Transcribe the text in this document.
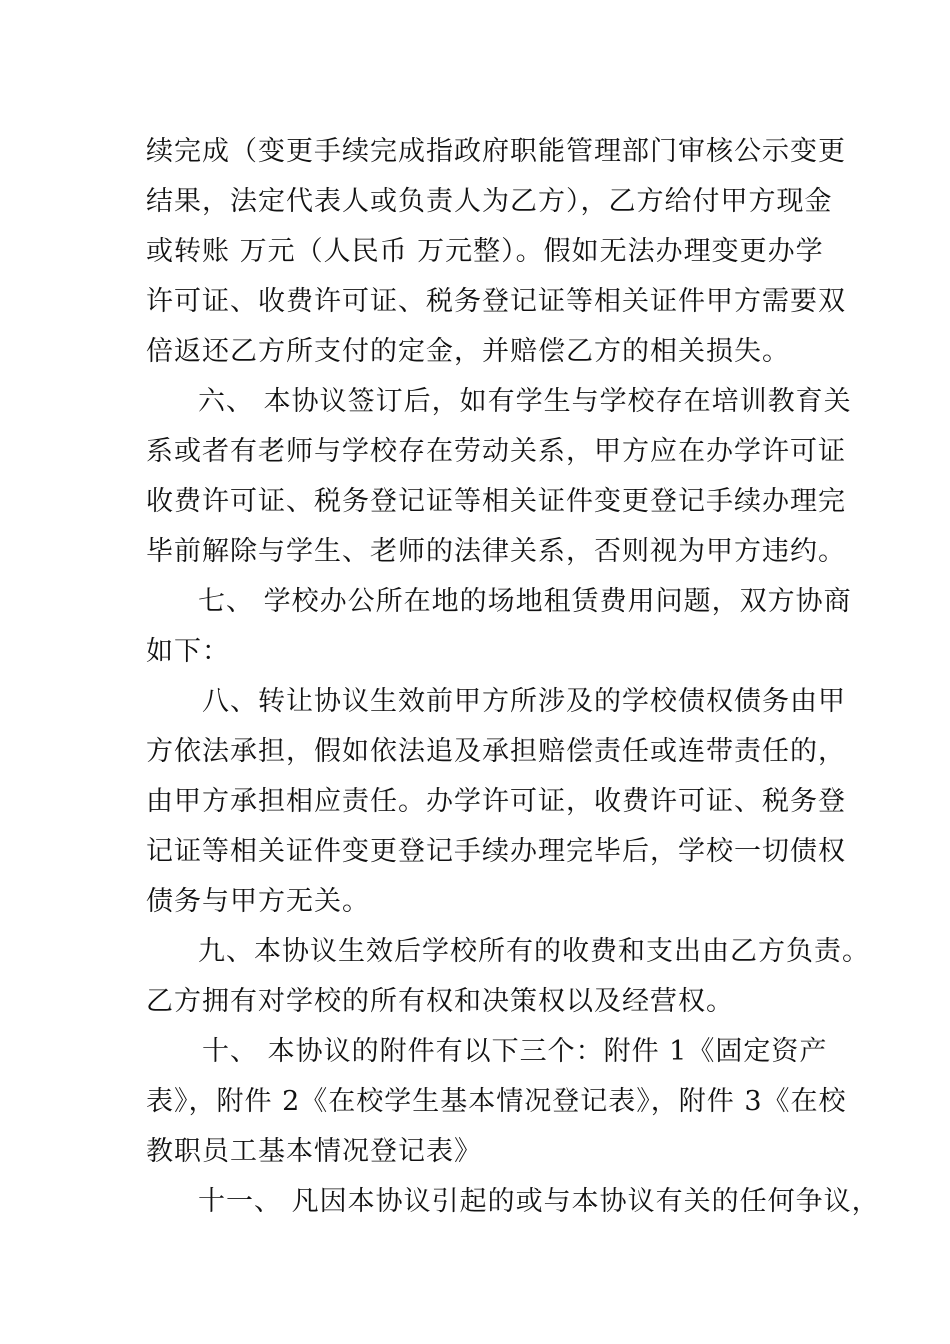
续完成（变更手续完成指政府职能管理部门审核公示变更

结果，法定代表人或负责人为乙方），乙方给付甲方现金

或转账 万元（人民币 万元整）。假如无法办理变更办学

许可证、收费许可证、税务登记证等相关证件甲方需要双

倍返还乙方所支付的定金，并赔偿乙方的相关损失。

六、 本协议签订后，如有学生与学校存在培训教育关

系或者有老师与学校存在劳动关系，甲方应在办学许可证

收费许可证、税务登记证等相关证件变更登记手续办理完

毕前解除与学生、老师的法律关系，否则视为甲方违约。

七、 学校办公所在地的场地租赁费用问题，双方协商

如下：

八、转让协议生效前甲方所涉及的学校债权债务由甲

方依法承担，假如依法追及承担赔偿责任或连带责任的，

由甲方承担相应责任。办学许可证，收费许可证、税务登

记证等相关证件变更登记手续办理完毕后，学校一切债权

债务与甲方无关。

九、本协议生效后学校所有的收费和支出由乙方负责。

乙方拥有对学校的所有权和决策权以及经营权。

十、 本协议的附件有以下三个：附件 1《固定资产

表》，附件 2《在校学生基本情况登记表》，附件 3《在校

教职员工基本情况登记表》

十一、 凡因本协议引起的或与本协议有关的任何争议，
